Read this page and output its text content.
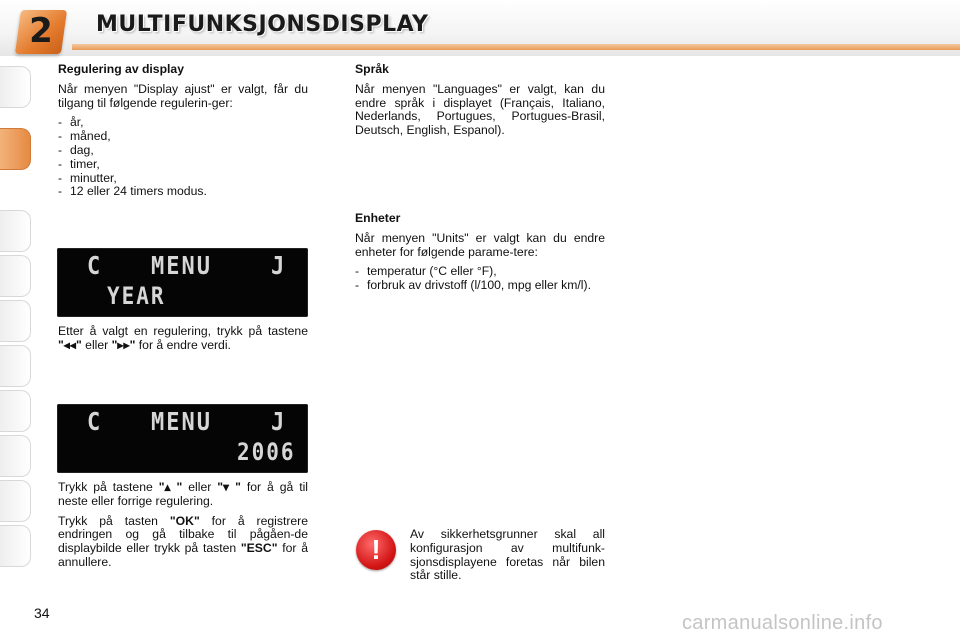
2	MULTIFUNKSJONSDISPLAY
Regulering av display

Når menyen "Display ajust" er valgt, får du tilgang til følgende regulerin-ger:

- år,
- måned,
- dag,
- timer,
- minutter,
- 12 eller 24 timers modus.
C MENU	J
YEAR

Etter å valgt en regulering, trykk på tastene "◂◂" eller "▸▸" for å endre verdi.

C MENU	J
2006

Trykk på tastene "▴ " eller "▾ " for å gå til neste eller forrige regulering.

Trykk på tasten "OK" for å registrere endringen og gå tilbake til pågåen-de displaybilde eller trykk på tasten "ESC" for å annullere.

Språk

Når menyen "Languages" er valgt, kan du endre språk i displayet (Français, Italiano, Nederlands, Portugues, Portugues-Brasil, Deutsch, English, Espanol).

Enheter

Når menyen "Units" er valgt kan du endre enheter for følgende parame-tere:

- temperatur (°C eller °F),
- forbruk av drivstoff (l/100, mpg eller km/l).
!	Av sikkerhetsgrunner skal all konfigurasjon av multifunk-sjonsdisplayene foretas når bilen står stille.

34	carmanualsonline.info
